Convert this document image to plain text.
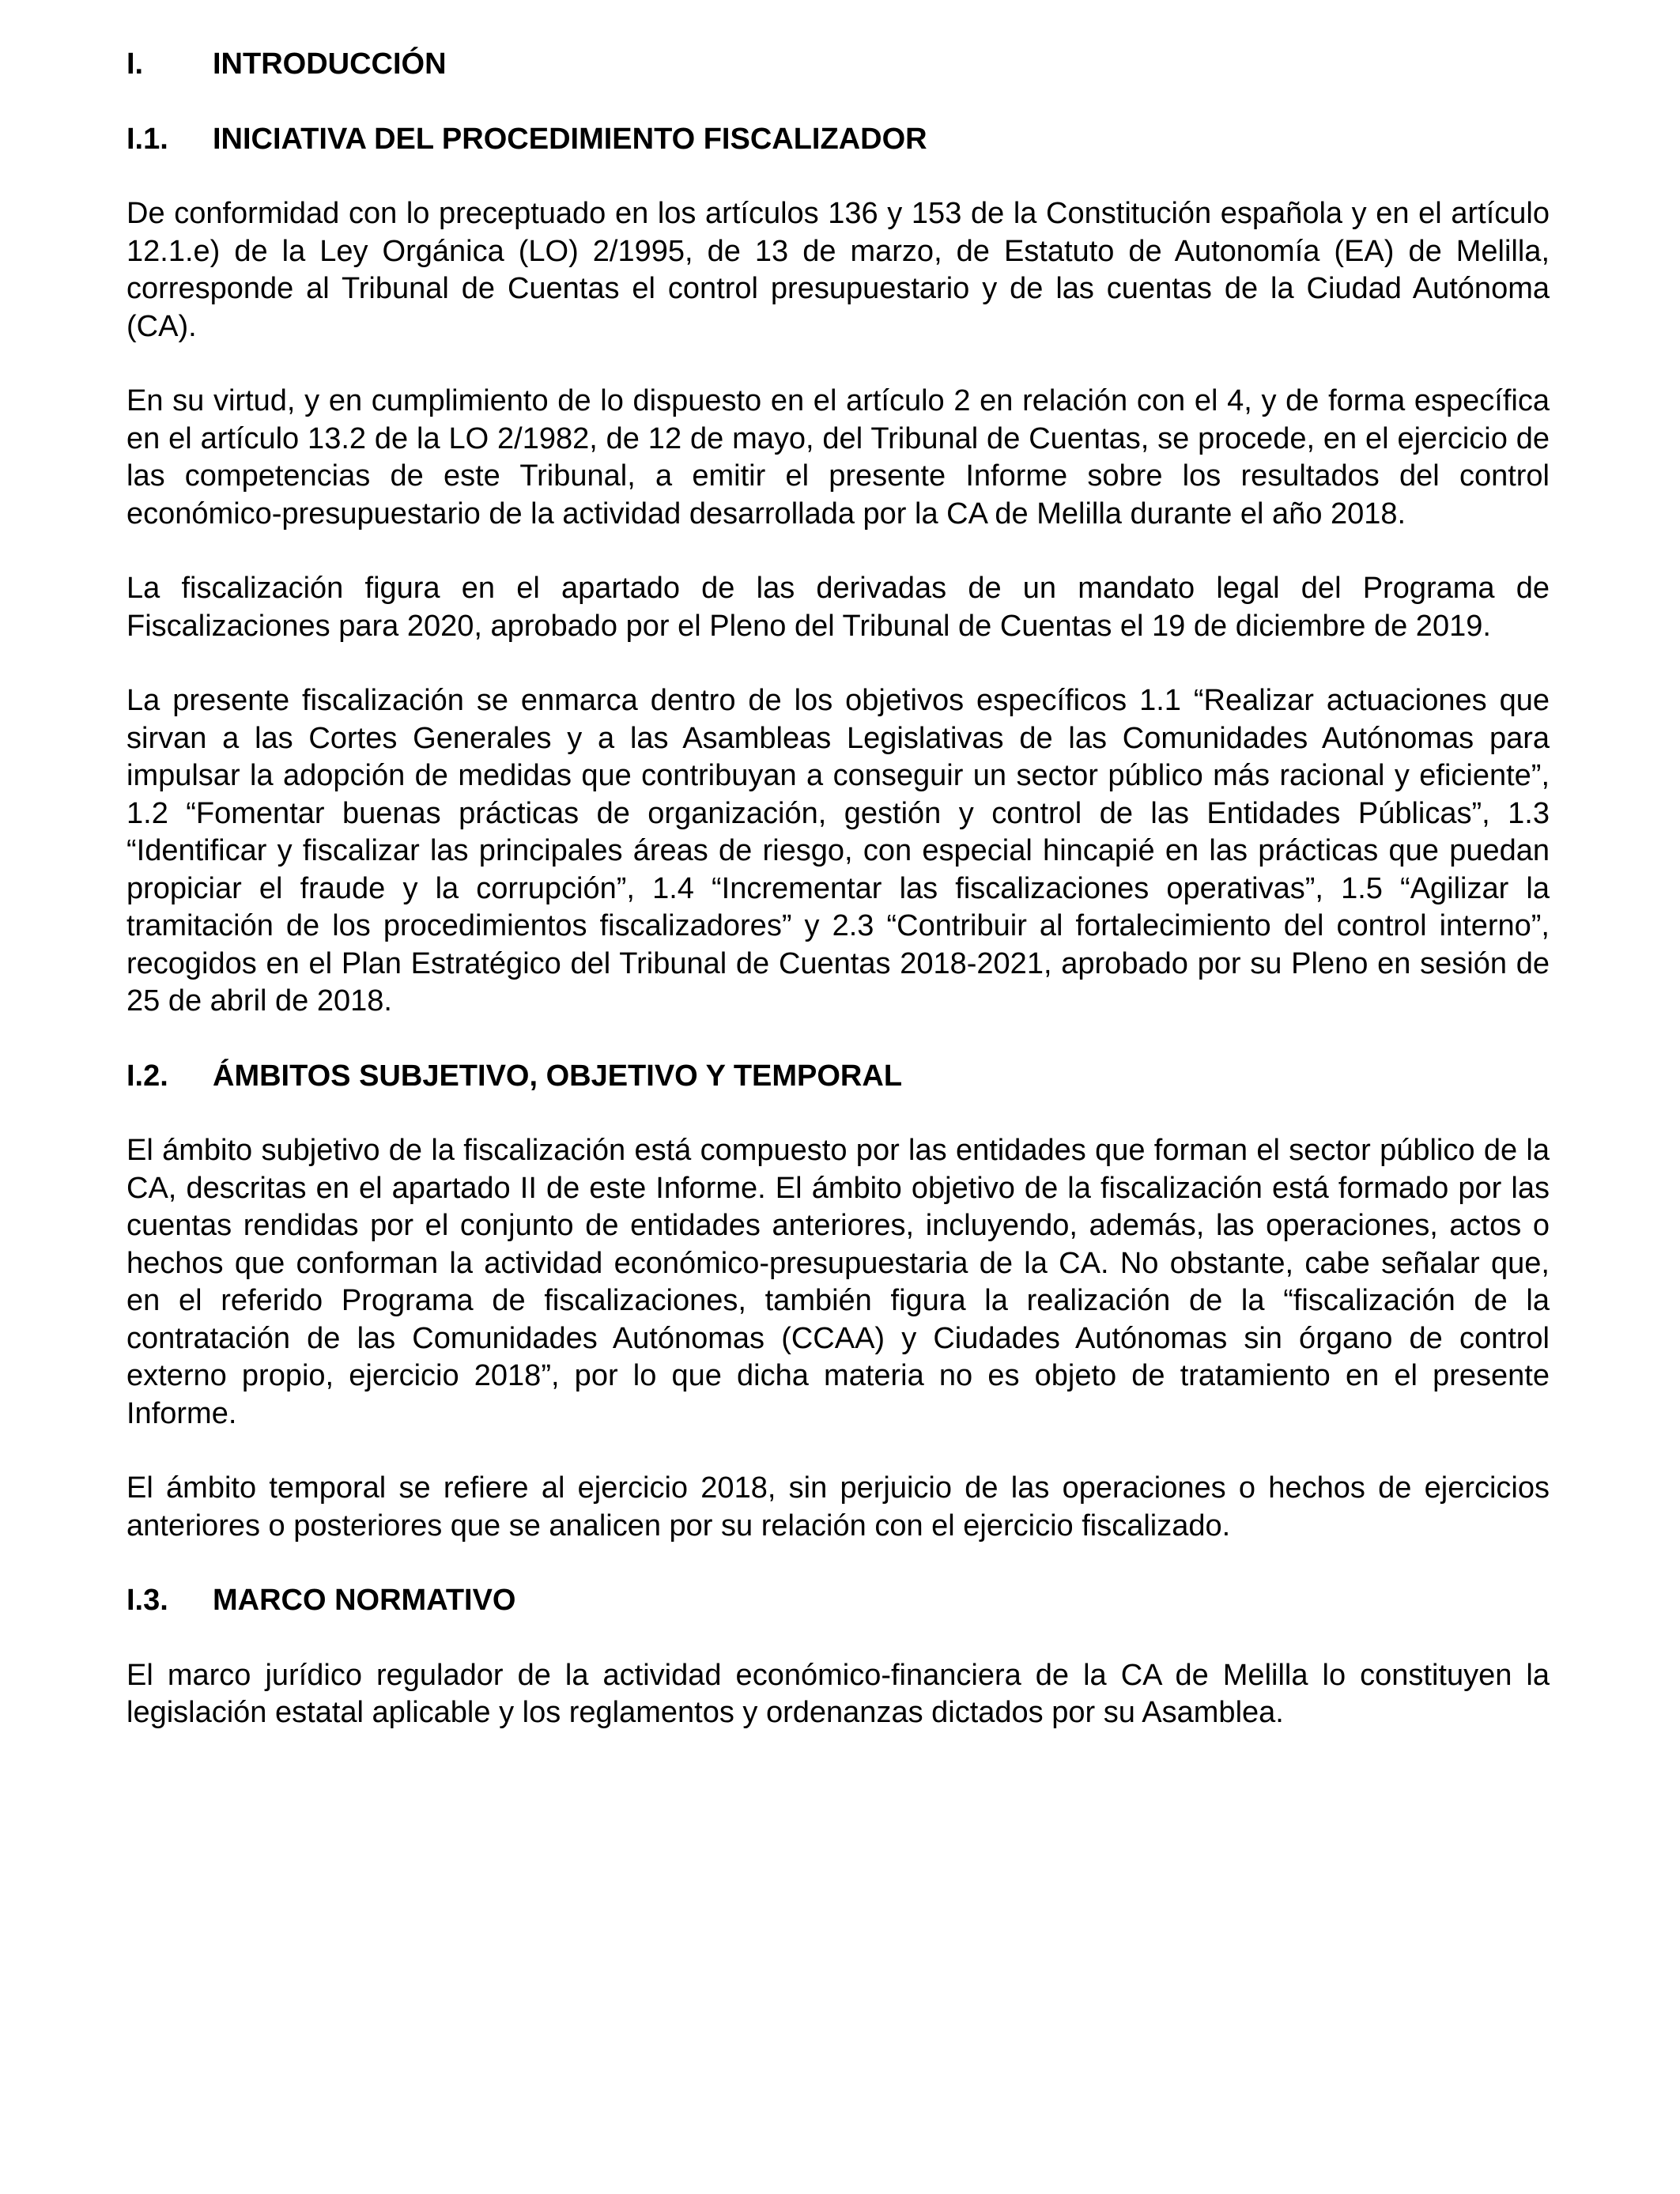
I.	INTRODUCCIÓN
I.1.	INICIATIVA DEL PROCEDIMIENTO FISCALIZADOR

De conformidad con lo preceptuado en los artículos 136 y 153 de la Constitución española y en el artículo 12.1.e) de la Ley Orgánica (LO) 2/1995, de 13 de marzo, de Estatuto de Autonomía (EA) de Melilla, corresponde al Tribunal de Cuentas el control presupuestario y de las cuentas de la Ciudad Autónoma (CA).

En su virtud, y en cumplimiento de lo dispuesto en el artículo 2 en relación con el 4, y de forma específica en el artículo 13.2 de la LO 2/1982, de 12 de mayo, del Tribunal de Cuentas, se procede, en el ejercicio de las competencias de este Tribunal, a emitir el presente Informe sobre los resultados del control económico-presupuestario de la actividad desarrollada por la CA de Melilla durante el año 2018.

La fiscalización figura en el apartado de las derivadas de un mandato legal del Programa de Fiscalizaciones para 2020, aprobado por el Pleno del Tribunal de Cuentas el 19 de diciembre de 2019.

La presente fiscalización se enmarca dentro de los objetivos específicos 1.1 “Realizar actuaciones que sirvan a las Cortes Generales y a las Asambleas Legislativas de las Comunidades Autónomas para impulsar la adopción de medidas que contribuyan a conseguir un sector público más racional y eficiente”, 1.2 “Fomentar buenas prácticas de organización, gestión y control de las Entidades Públicas”, 1.3 “Identificar y fiscalizar las principales áreas de riesgo, con especial hincapié en las prácticas que puedan propiciar el fraude y la corrupción”, 1.4 “Incrementar las fiscalizaciones operativas”, 1.5 “Agilizar la tramitación de los procedimientos fiscalizadores” y 2.3 “Contribuir al fortalecimiento del control interno”, recogidos en el Plan Estratégico del Tribunal de Cuentas 2018-2021, aprobado por su Pleno en sesión de 25 de abril de 2018.

I.2.	ÁMBITOS SUBJETIVO, OBJETIVO Y TEMPORAL

El ámbito subjetivo de la fiscalización está compuesto por las entidades que forman el sector público de la CA, descritas en el apartado II de este Informe. El ámbito objetivo de la fiscalización está formado por las cuentas rendidas por el conjunto de entidades anteriores, incluyendo, además, las operaciones, actos o hechos que conforman la actividad económico-presupuestaria de la CA. No obstante, cabe señalar que, en el referido Programa de fiscalizaciones, también figura la realización de la “fiscalización de la contratación de las Comunidades Autónomas (CCAA) y Ciudades Autónomas sin órgano de control externo propio, ejercicio 2018”, por lo que dicha materia no es objeto de tratamiento en el presente Informe.

El ámbito temporal se refiere al ejercicio 2018, sin perjuicio de las operaciones o hechos de ejercicios anteriores o posteriores que se analicen por su relación con el ejercicio fiscalizado.

I.3.	MARCO NORMATIVO

El marco jurídico regulador de la actividad económico-financiera de la CA de Melilla lo constituyen la legislación estatal aplicable y los reglamentos y ordenanzas dictados por su Asamblea.
